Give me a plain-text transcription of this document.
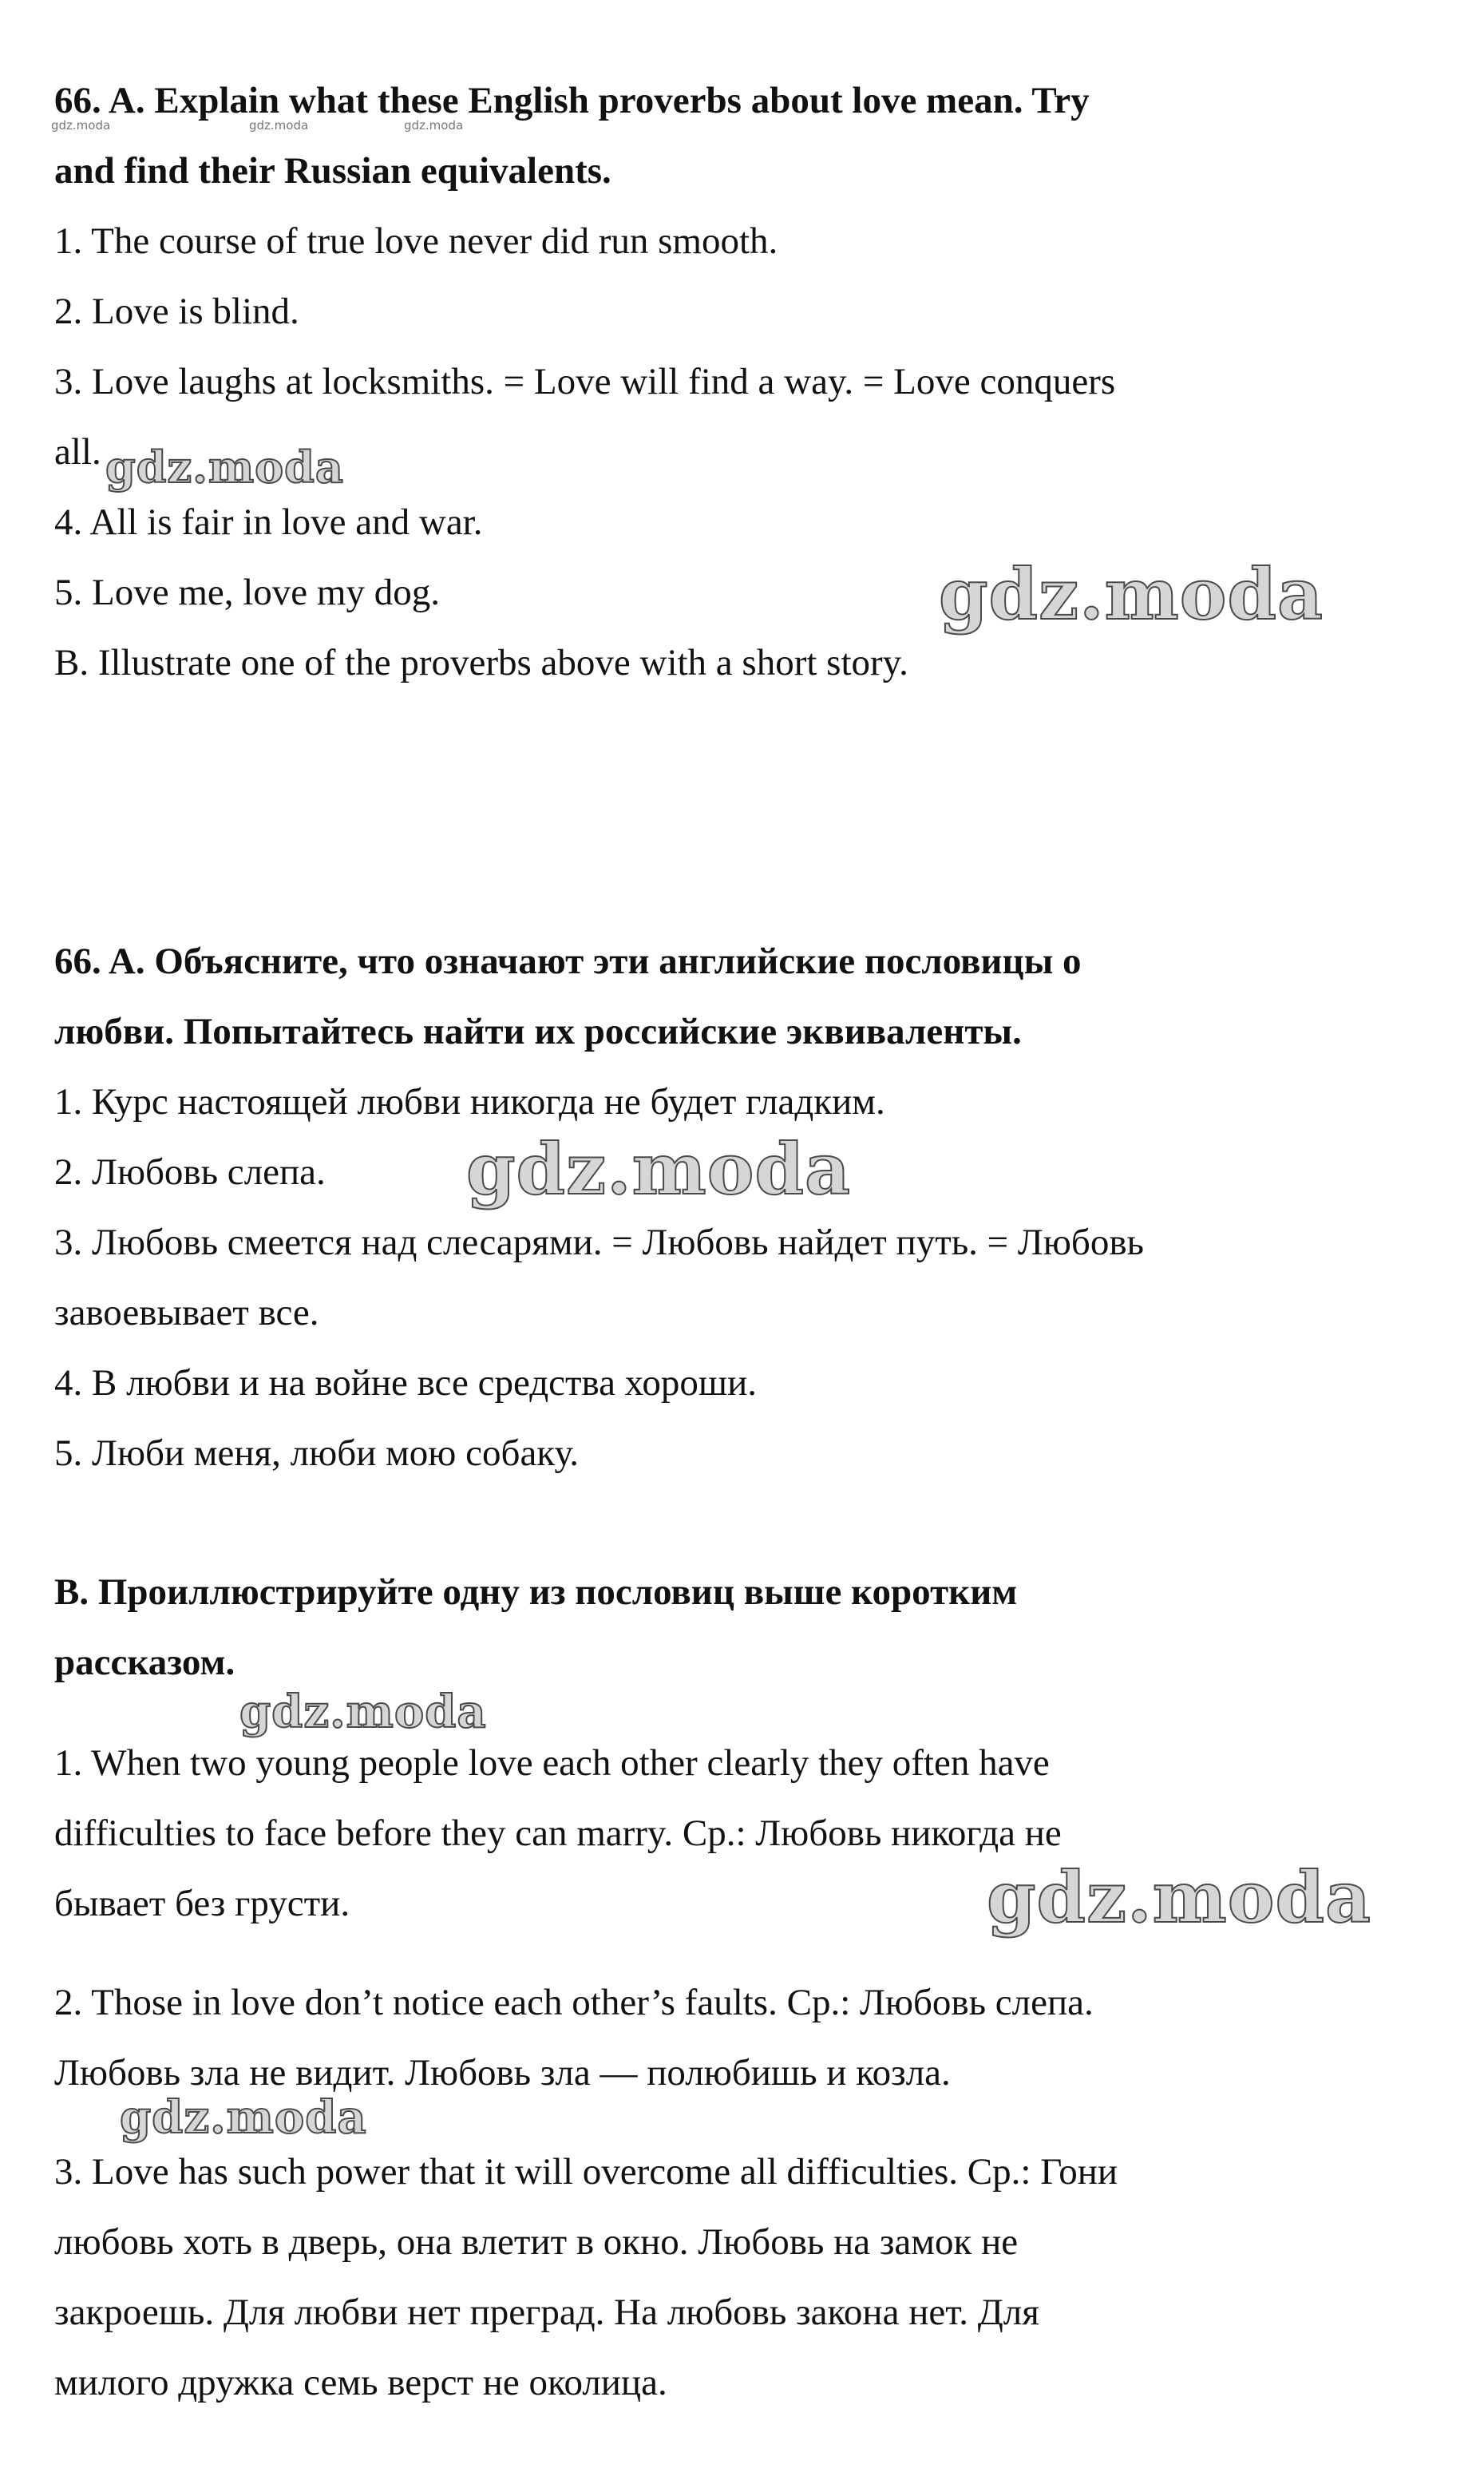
66. A. Explain what these English proverbs about love mean. Try

and find their Russian equivalents.

1. The course of true love never did run smooth.

2. Love is blind.

3. Love laughs at locksmiths. = Love will find a way. = Love conquers

all.

4. All is fair in love and war.

5. Love me, love my dog.

B. Illustrate one of the proverbs above with a short story.

66. A. Объясните, что означают эти английские пословицы о

любви. Попытайтесь найти их российские эквиваленты.

1. Курс настоящей любви никогда не будет гладким.

2. Любовь слепа.

3. Любовь смеется над слесарями. = Любовь найдет путь. = Любовь

завоевывает все.

4. В любви и на войне все средства хороши.

5. Люби меня, люби мою собаку.

B. Проиллюстрируйте одну из пословиц выше коротким

рассказом.

1. When two young people love each other clearly they often have

difficulties to face before they can marry. Ср.: Любовь никогда не

бывает без грусти.

2. Those in love don’t notice each other’s faults. Ср.: Любовь слепа.

Любовь зла не видит. Любовь зла — полюбишь и козла.

3. Love has such power that it will overcome all difficulties. Ср.: Гони

любовь хоть в дверь, она влетит в окно. Любовь на замок не

закроешь. Для любви нет преград. На любовь закона нет. Для

милого дружка семь верст не околица.

gdz.moda	gdz.moda	gdz.moda
gdz.moda
gdz.moda
gdz.moda
gdz.moda
gdz.moda
gdz.moda
